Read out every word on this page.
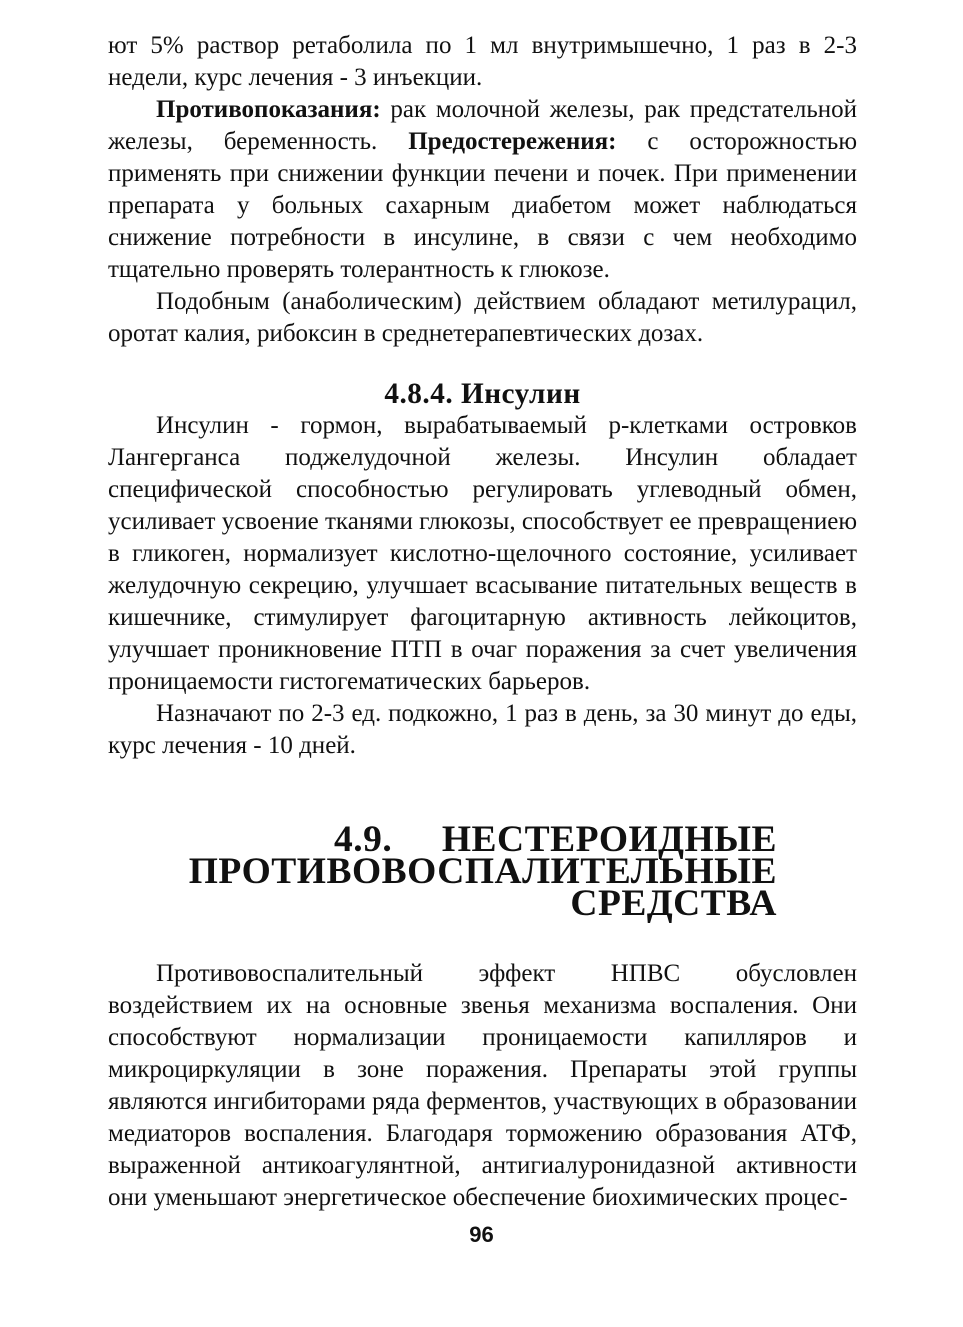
ют 5% раствор ретаболила по 1 мл внутримышечно, 1 раз в 2-3 недели, курс лечения - 3 инъекции.

Противопоказания: рак молочной железы, рак предстательной железы, беременность. Предостережения: с осторожностью применять при снижении функции печени и почек. При применении препарата у больных сахарным диабетом может наблюдаться снижение потребности в инсулине, в связи с чем необходимо тщательно проверять толерантность к глюкозе.

Подобным (анаболическим) действием обладают метилурацил, оротат калия, рибоксин в среднетерапевтических дозах.

4.8.4. Инсулин

Инсулин - гормон, вырабатываемый р-клетками островков Лангерганса поджелудочной железы. Инсулин обладает специфической способностью регулировать углеводный обмен, усиливает усвоение тканями глюкозы, способствует ее превращениею в гликоген, нормализует кислотно-щелочного состояние, усиливает желудочную секрецию, улучшает всасывание питательных веществ в кишечнике, стимулирует фагоцитарную активность лейкоцитов, улучшает проникновение ПТП в очаг поражения за счет увеличения проницаемости гистогематических барьеров.

Назначают по 2-3 ед. подкожно, 1 раз в день, за 30 минут до еды, курс лечения - 10 дней.

4.9. НЕСТЕРОИДНЫЕ
ПРОТИВОВОСПАЛИТЕЛЬНЫЕ СРЕДСТВА

Противовоспалительный эффект НПВС обусловлен воздействием их на основные звенья механизма воспаления. Они способствуют нормализации проницаемости капилляров и микроциркуляции в зоне поражения. Препараты этой группы являются ингибиторами ряда ферментов, участвующих в образовании медиаторов воспаления. Благодаря торможению образования АТФ, выраженной антикоагулянтной, антигиалуронидазной активности они уменьшают энергетическое обеспечение биохимических процес-

96
